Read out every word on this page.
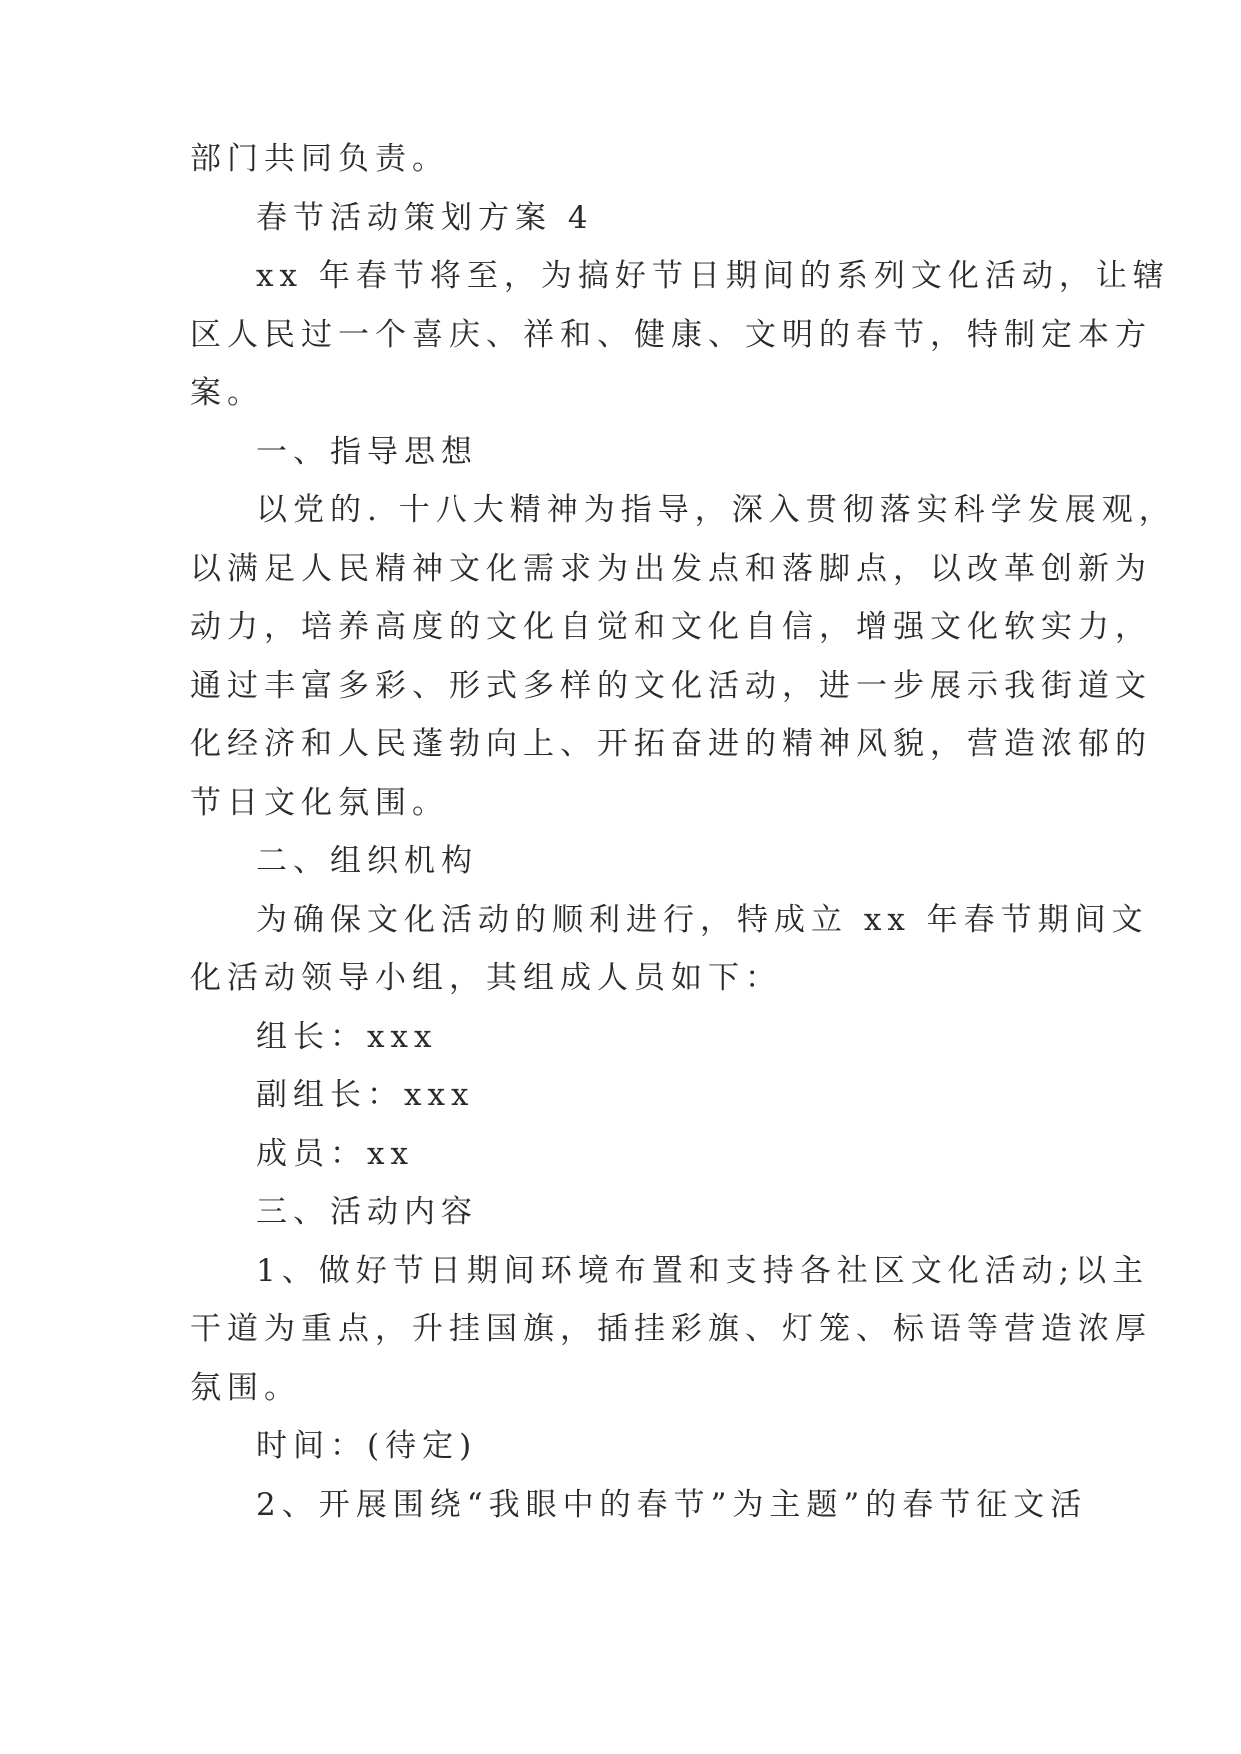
部门共同负责。
春节活动策划方案 4
xx 年春节将至，为搞好节日期间的系列文化活动，让辖
区人民过一个喜庆、祥和、健康、文明的春节，特制定本方
案。
一、指导思想
以党的. 十八大精神为指导，深入贯彻落实科学发展观，
以满足人民精神文化需求为出发点和落脚点，以改革创新为
动力，培养高度的文化自觉和文化自信，增强文化软实力，
通过丰富多彩、形式多样的文化活动，进一步展示我街道文
化经济和人民蓬勃向上、开拓奋进的精神风貌，营造浓郁的
节日文化氛围。
二、组织机构
为确保文化活动的顺利进行，特成立 xx 年春节期间文
化活动领导小组，其组成人员如下：
组长：xxx
副组长：xxx
成员：xx
三、活动内容
1、做好节日期间环境布置和支持各社区文化活动;以主
干道为重点，升挂国旗，插挂彩旗、灯笼、标语等营造浓厚
氛围。
时间：(待定)
2、开展围绕“我眼中的春节”为主题”的春节征文活
